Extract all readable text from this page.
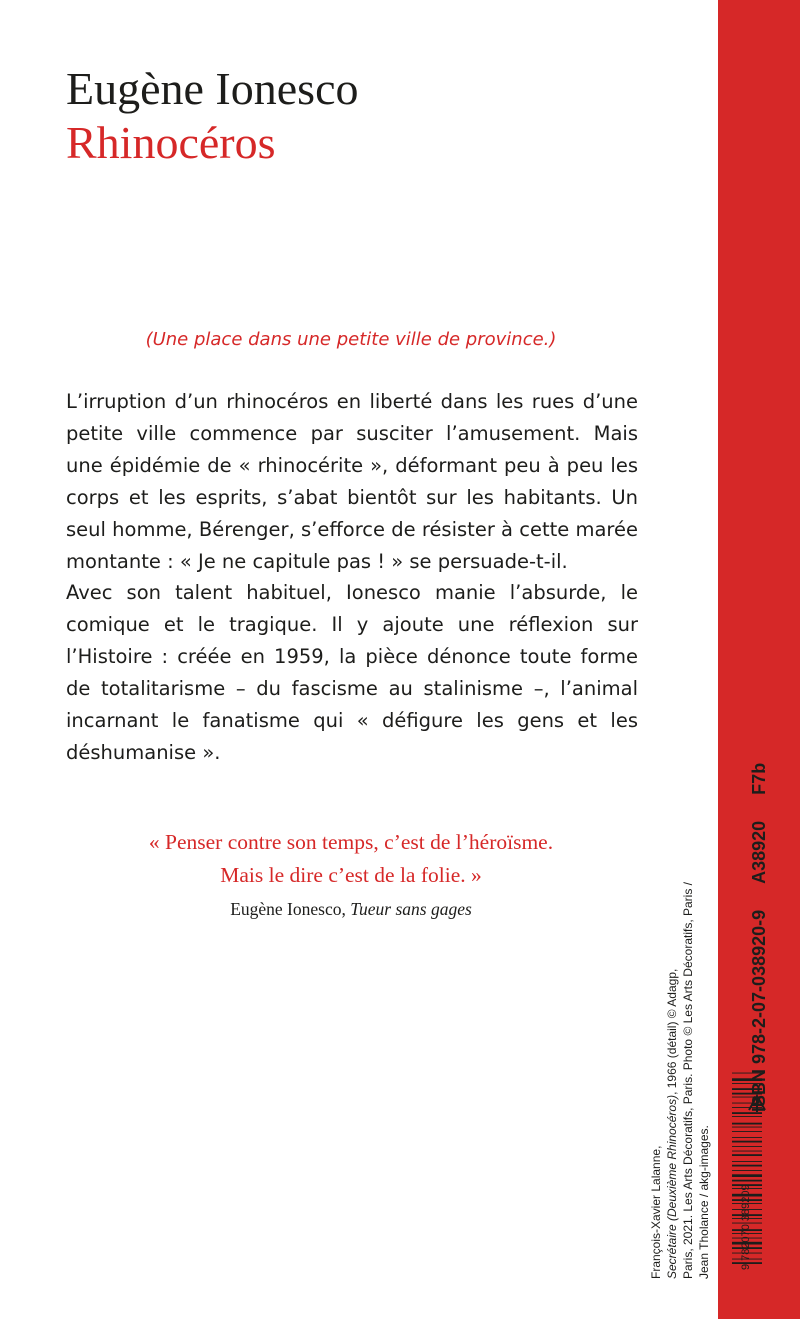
Eugène Ionesco
Rhinocéros
(Une place dans une petite ville de province.)
L’irruption d’un rhinocéros en liberté dans les rues d’une
petite ville commence par susciter l’amusement. Mais
une épidémie de « rhinocérite », déformant peu à peu les
corps et les esprits, s’abat bientôt sur les habitants. Un
seul homme, Bérenger, s’efforce de résister à cette marée
montante : « Je ne capitule pas ! » se persuade-t-il.
Avec son talent habituel, Ionesco manie l’absurde, le
comique et le tragique. Il y ajoute une réflexion sur
l’Histoire : créée en 1959, la pièce dénonce toute forme
de totalitarisme – du fascisme au stalinisme –, l’animal
incarnant le fanatisme qui « défigure les gens et les
déshumanise ».
« Penser contre son temps, c’est de l’héroïsme.
Mais le dire c’est de la folie. »
Eugène Ionesco, Tueur sans gages
François-Xavier Lalanne, Secrétaire (Deuxième Rhinocéros), 1966 (détail) © Adagp, Paris, 2021. Les Arts Décoratifs, Paris. Photo © Les Arts Décoratifs, Paris / Jean Tholance / akg-images.	9 782070 389209
ISBN 978-2-07-038920-9A38920F7b
